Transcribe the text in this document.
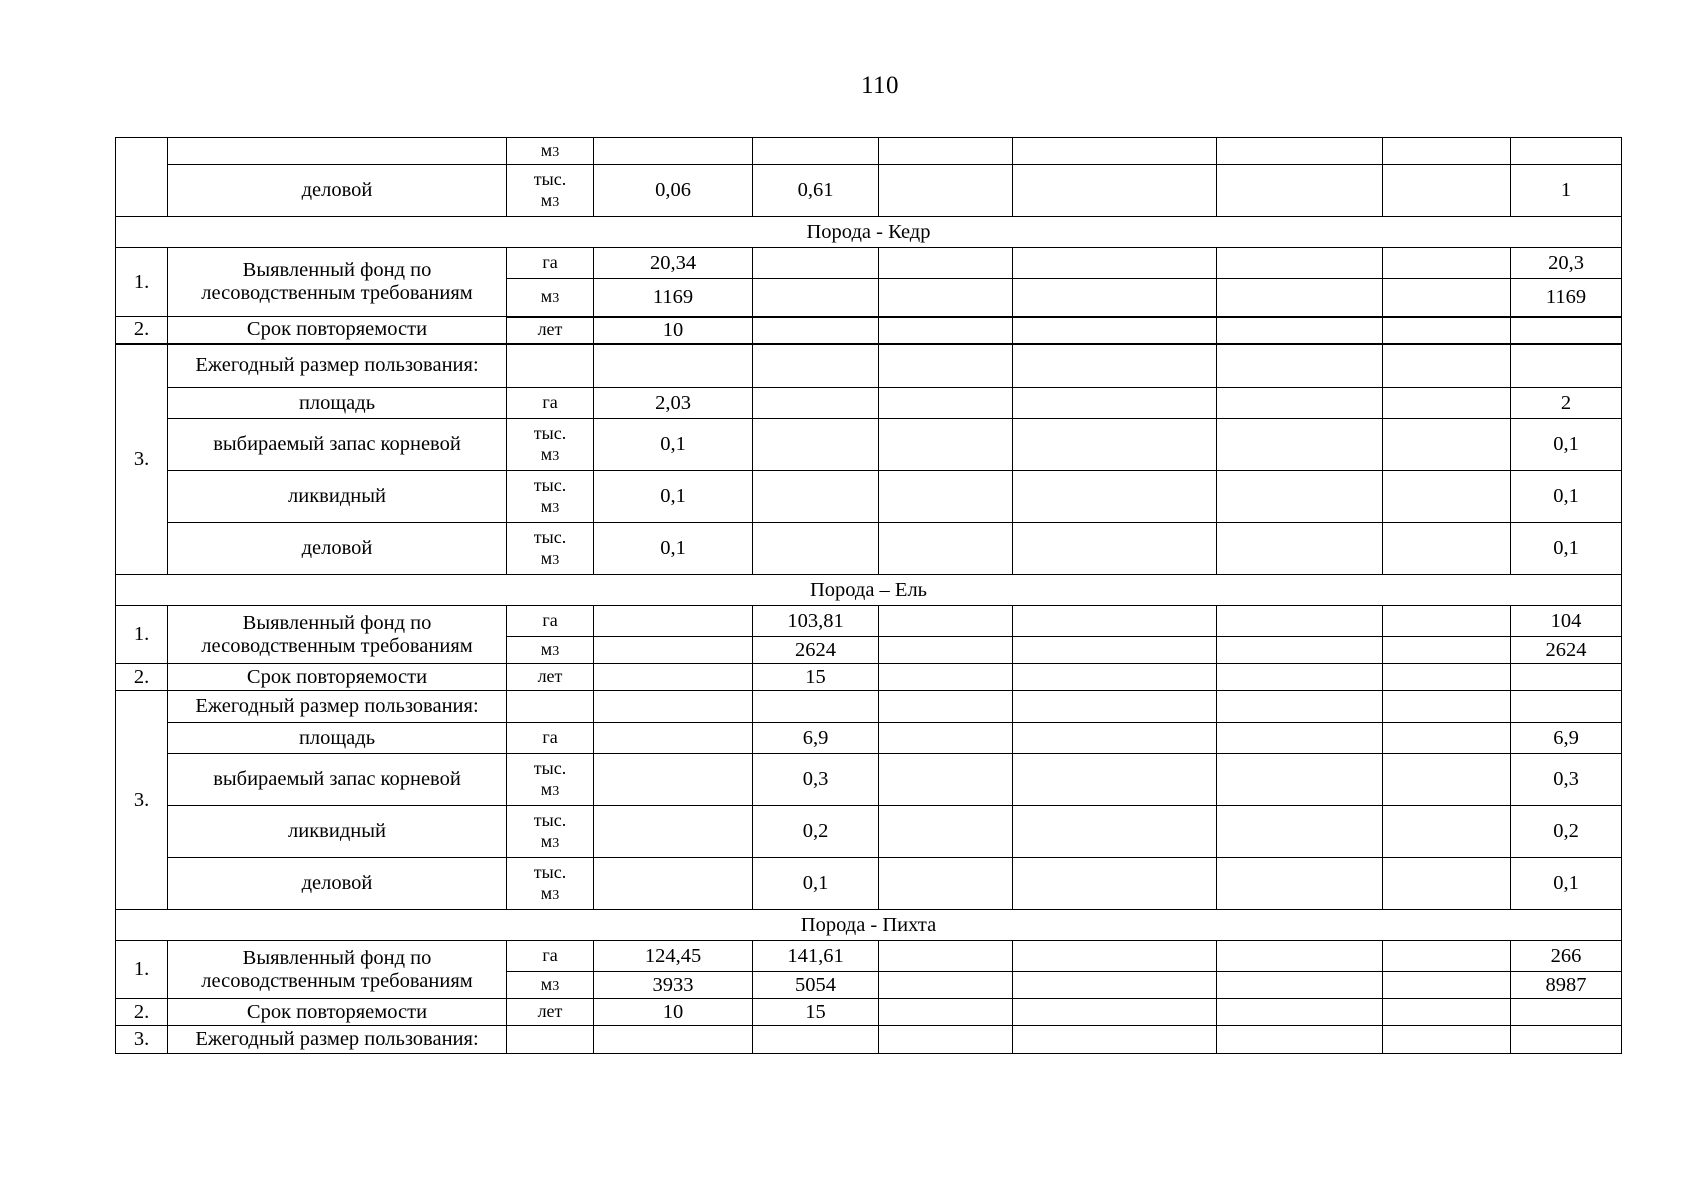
110
		м3							
	деловой	тыс.
м3	0,06	0,61					1
Порода - Кедр									
1.	Выявленный фонд по лесоводственным требованиям	га	20,34						20,3
		м3	1169						1169
2.	Срок повторяемости	лет	10						
3.	Ежегодный размер пользования:								
	площадь	га	2,03						2
	выбираемый запас корневой	тыс.
м3	0,1						0,1
	ликвидный	тыс.
м3	0,1						0,1
	деловой	тыс.
м3	0,1						0,1
Порода – Ель									
1.	Выявленный фонд по лесоводственным требованиям	га		103,81					104
		м3		2624					2624
2.	Срок повторяемости	лет		15					
3.	Ежегодный размер пользования:								
	площадь	га		6,9					6,9
	выбираемый запас корневой	тыс.
м3		0,3					0,3
	ликвидный	тыс.
м3		0,2					0,2
	деловой	тыс.
м3		0,1					0,1
Порода - Пихта									
1.	Выявленный фонд по лесоводственным требованиям	га	124,45	141,61					266
		м3	3933	5054					8987
2.	Срок повторяемости	лет	10	15					
3.	Ежегодный размер пользования:								
